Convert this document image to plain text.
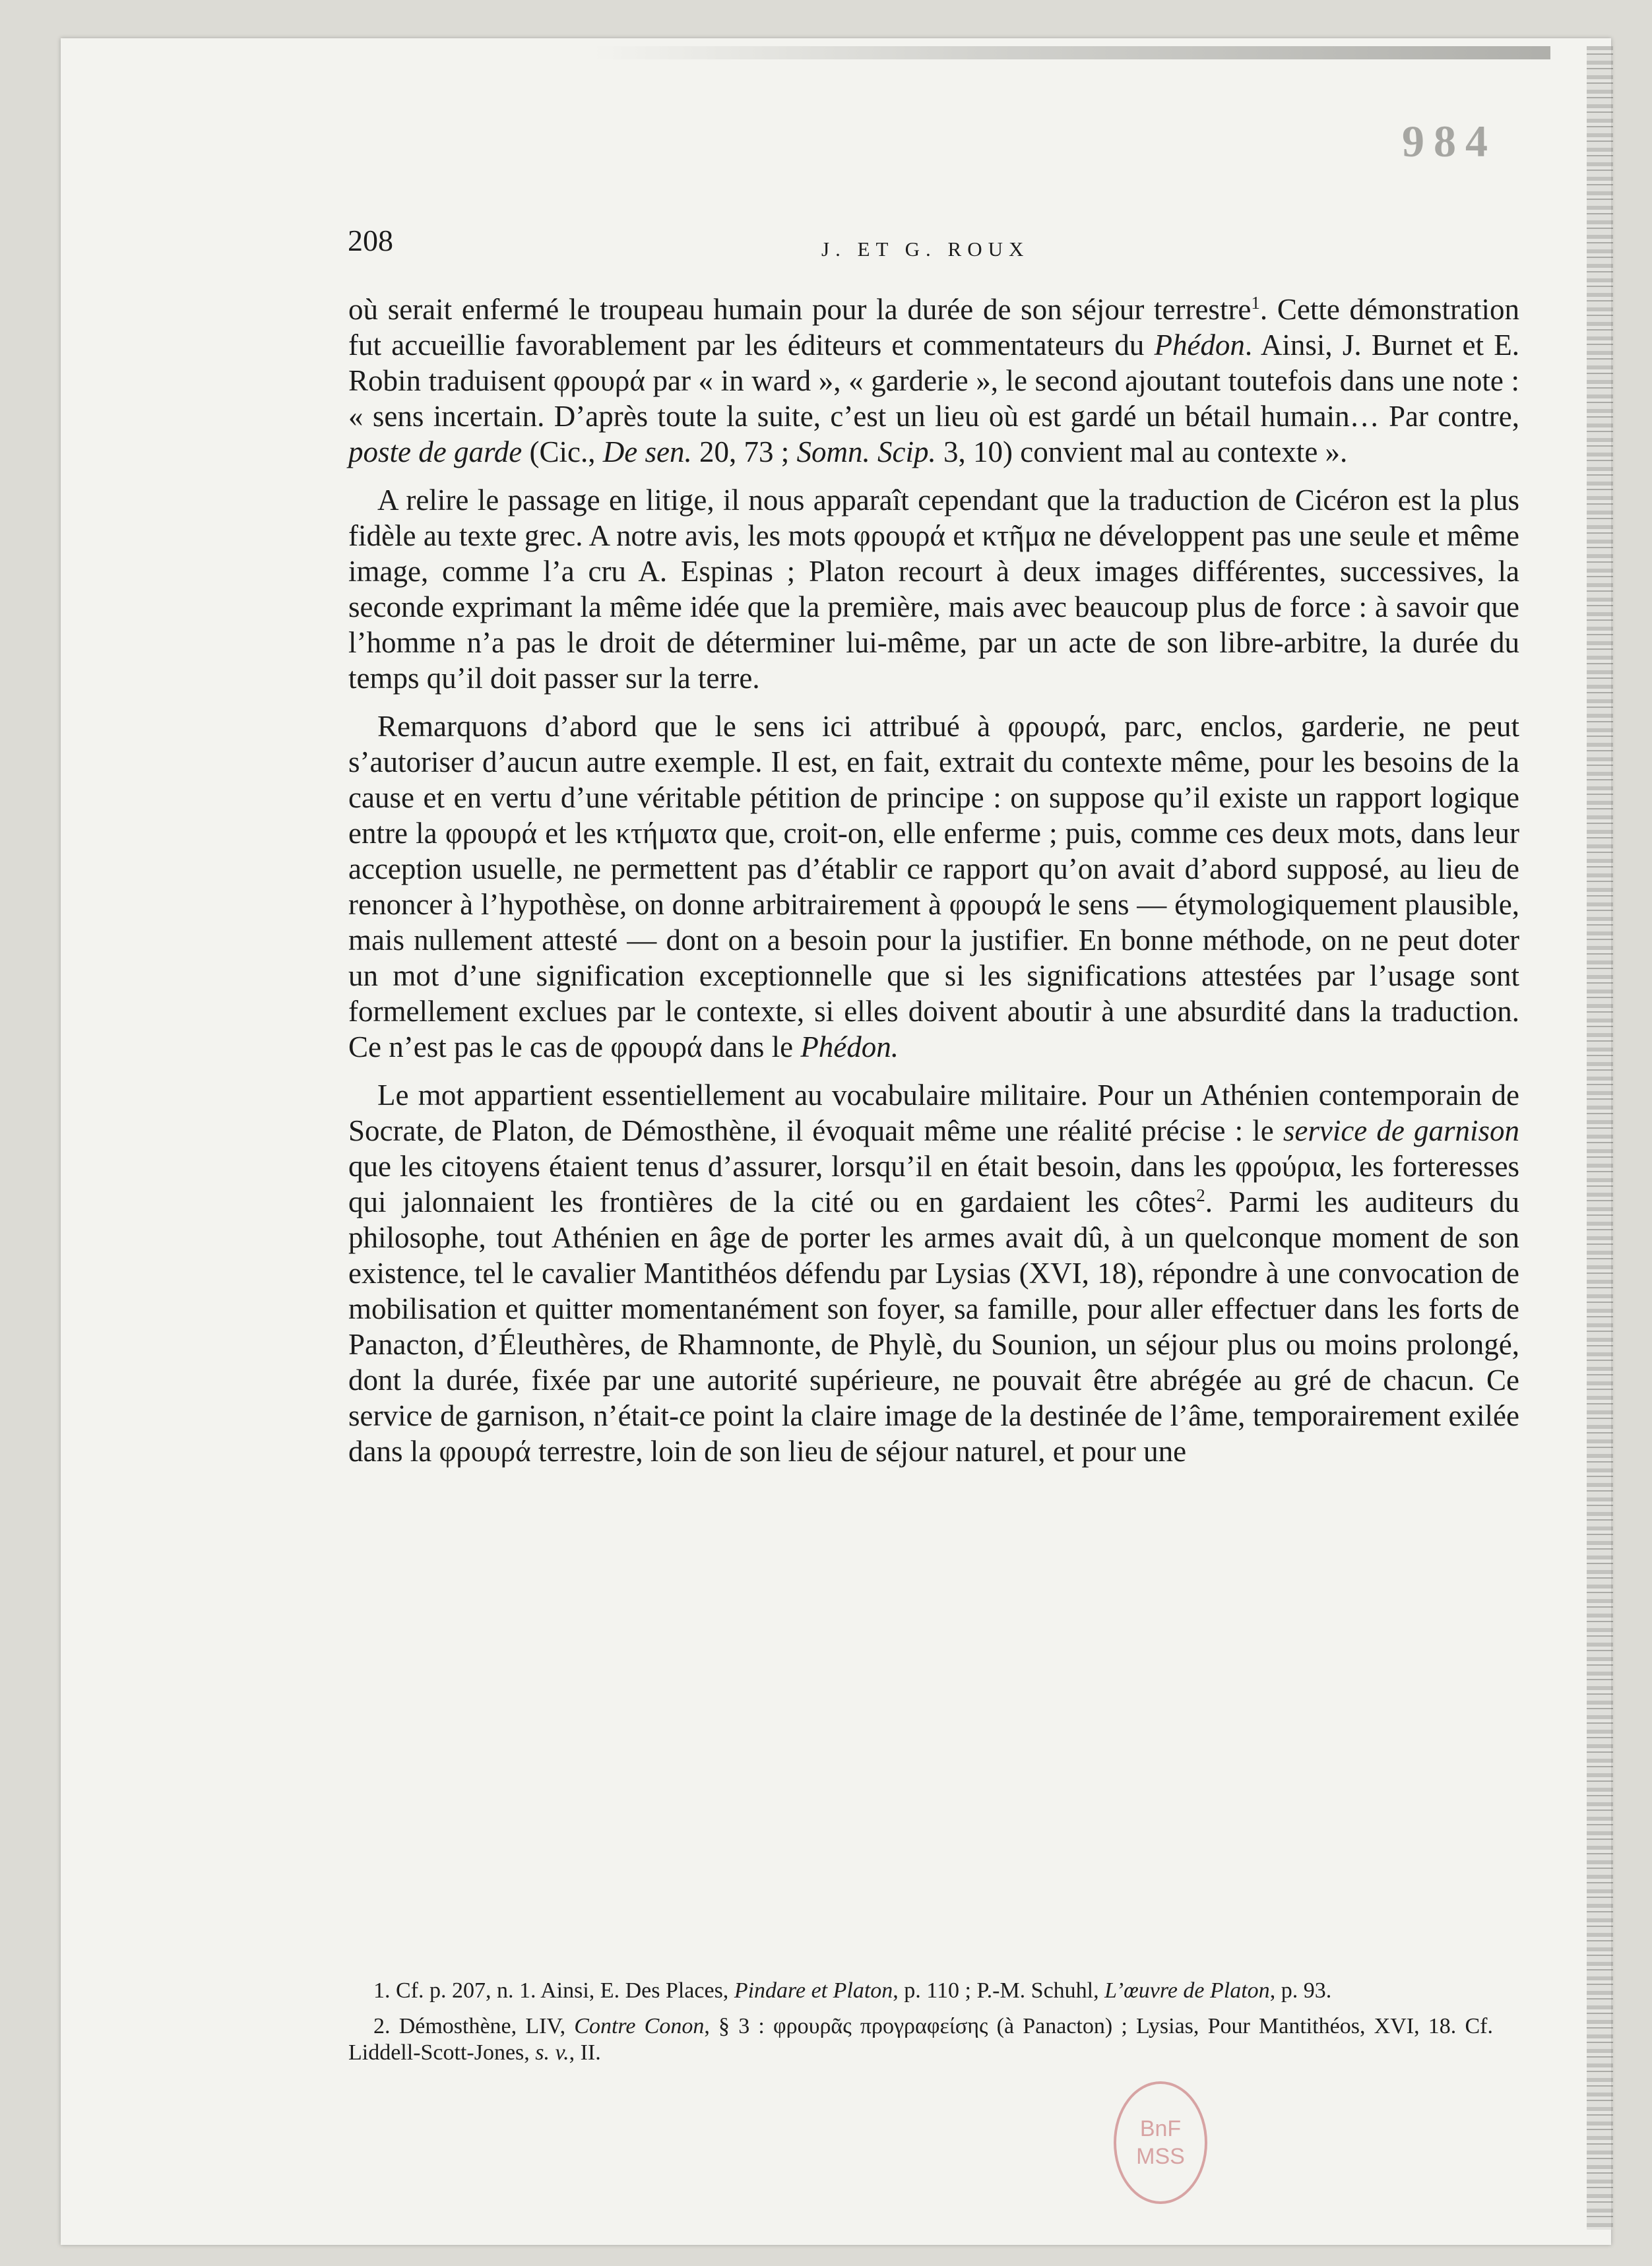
984
208	J. ET G. ROUX

où serait enfermé le troupeau humain pour la durée de son séjour terrestre$^1$. Cette démonstration fut accueillie favorablement par les éditeurs et commentateurs du Phédon. Ainsi, J. Burnet et E. Robin traduisent φρουρά par « in ward », « garderie », le second ajoutant toutefois dans une note : « sens incertain. D’après toute la suite, c’est un lieu où est gardé un bétail humain… Par contre, poste de garde (Cic., De sen. 20, 73 ; Somn. Scip. 3, 10) convient mal au contexte ».

A relire le passage en litige, il nous apparaît cependant que la traduction de Cicéron est la plus fidèle au texte grec. A notre avis, les mots φρουρά et κτῆμα ne développent pas une seule et même image, comme l’a cru A. Espinas ; Platon recourt à deux images différentes, successives, la seconde exprimant la même idée que la première, mais avec beaucoup plus de force : à savoir que l’homme n’a pas le droit de déterminer lui-même, par un acte de son libre-arbitre, la durée du temps qu’il doit passer sur la terre.

Remarquons d’abord que le sens ici attribué à φρουρά, parc, enclos, garderie, ne peut s’autoriser d’aucun autre exemple. Il est, en fait, extrait du contexte même, pour les besoins de la cause et en vertu d’une véritable pétition de principe : on suppose qu’il existe un rapport logique entre la φρουρά et les κτήματα que, croit-on, elle enferme ; puis, comme ces deux mots, dans leur acception usuelle, ne permettent pas d’établir ce rapport qu’on avait d’abord supposé, au lieu de renoncer à l’hypothèse, on donne arbitrairement à φρουρά le sens — étymologiquement plausible, mais nullement attesté — dont on a besoin pour la justifier. En bonne méthode, on ne peut doter un mot d’une signification exceptionnelle que si les significations attestées par l’usage sont formellement exclues par le contexte, si elles doivent aboutir à une absurdité dans la traduction. Ce n’est pas le cas de φρουρά dans le Phédon.

Le mot appartient essentiellement au vocabulaire militaire. Pour un Athénien contemporain de Socrate, de Platon, de Démosthène, il évoquait même une réalité précise : le service de garnison que les citoyens étaient tenus d’assurer, lorsqu’il en était besoin, dans les φρούρια, les forteresses qui jalonnaient les frontières de la cité ou en gardaient les côtes$^2$. Parmi les auditeurs du philosophe, tout Athénien en âge de porter les armes avait dû, à un quelconque moment de son existence, tel le cavalier Mantithéos défendu par Lysias (XVI, 18), répondre à une convocation de mobilisation et quitter momentanément son foyer, sa famille, pour aller effectuer dans les forts de Panacton, d’Éleuthères, de Rhamnonte, de Phylè, du Sounion, un séjour plus ou moins prolongé, dont la durée, fixée par une autorité supérieure, ne pouvait être abrégée au gré de chacun. Ce service de garnison, n’était-ce point la claire image de la destinée de l’âme, temporairement exilée dans la φρουρά terrestre, loin de son lieu de séjour naturel, et pour une

1. Cf. p. 207, n. 1. Ainsi, E. Des Places, Pindare et Platon, p. 110 ; P.-M. Schuhl, L’œuvre de Platon, p. 93.

2. Démosthène, LIV, Contre Conon, § 3 : φρουρᾶς προγραφείσης (à Panacton) ; Lysias, Pour Mantithéos, XVI, 18. Cf. Liddell-Scott-Jones, s. v., II.

BnF
MSS
